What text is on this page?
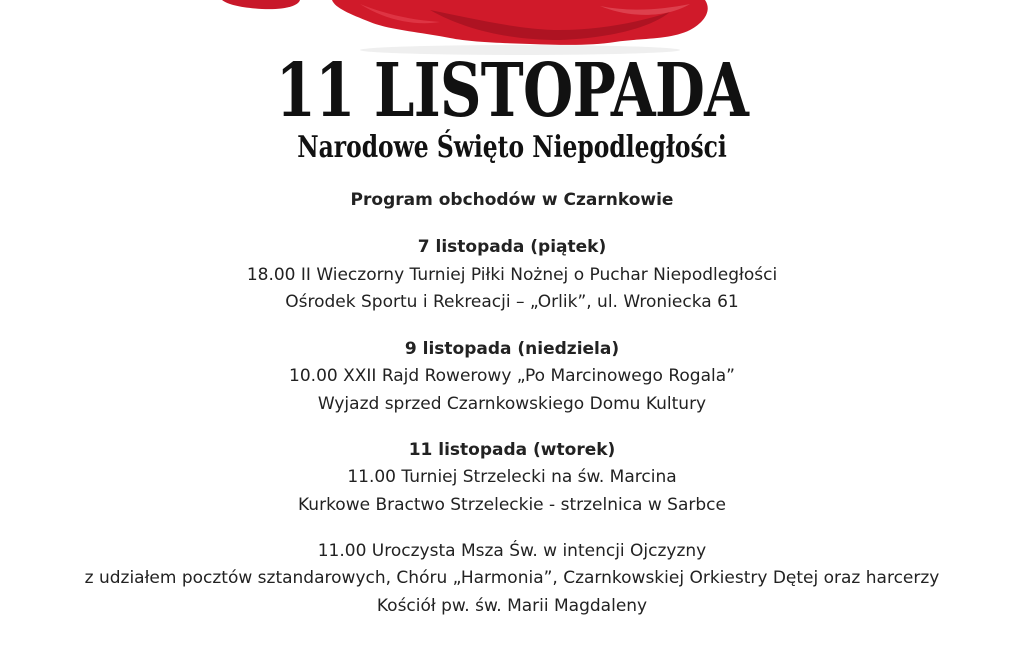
11 LISTOPADA
Narodowe Święto Niepodległości
Program obchodów w Czarnkowie
7 listopada (piątek)
18.00 II Wieczorny Turniej Piłki Nożnej o Puchar Niepodległości
Ośrodek Sportu i Rekreacji – „Orlik”, ul. Wroniecka 61
9 listopada (niedziela)
10.00 XXII Rajd Rowerowy „Po Marcinowego Rogala”
Wyjazd sprzed Czarnkowskiego Domu Kultury
11 listopada (wtorek)
11.00 Turniej Strzelecki na św. Marcina
Kurkowe Bractwo Strzeleckie - strzelnica w Sarbce
11.00 Uroczysta Msza Św. w intencji Ojczyzny
z udziałem pocztów sztandarowych, Chóru „Harmonia”, Czarnkowskiej Orkiestry Dętej oraz harcerzy
Kościół pw. św. Marii Magdaleny
